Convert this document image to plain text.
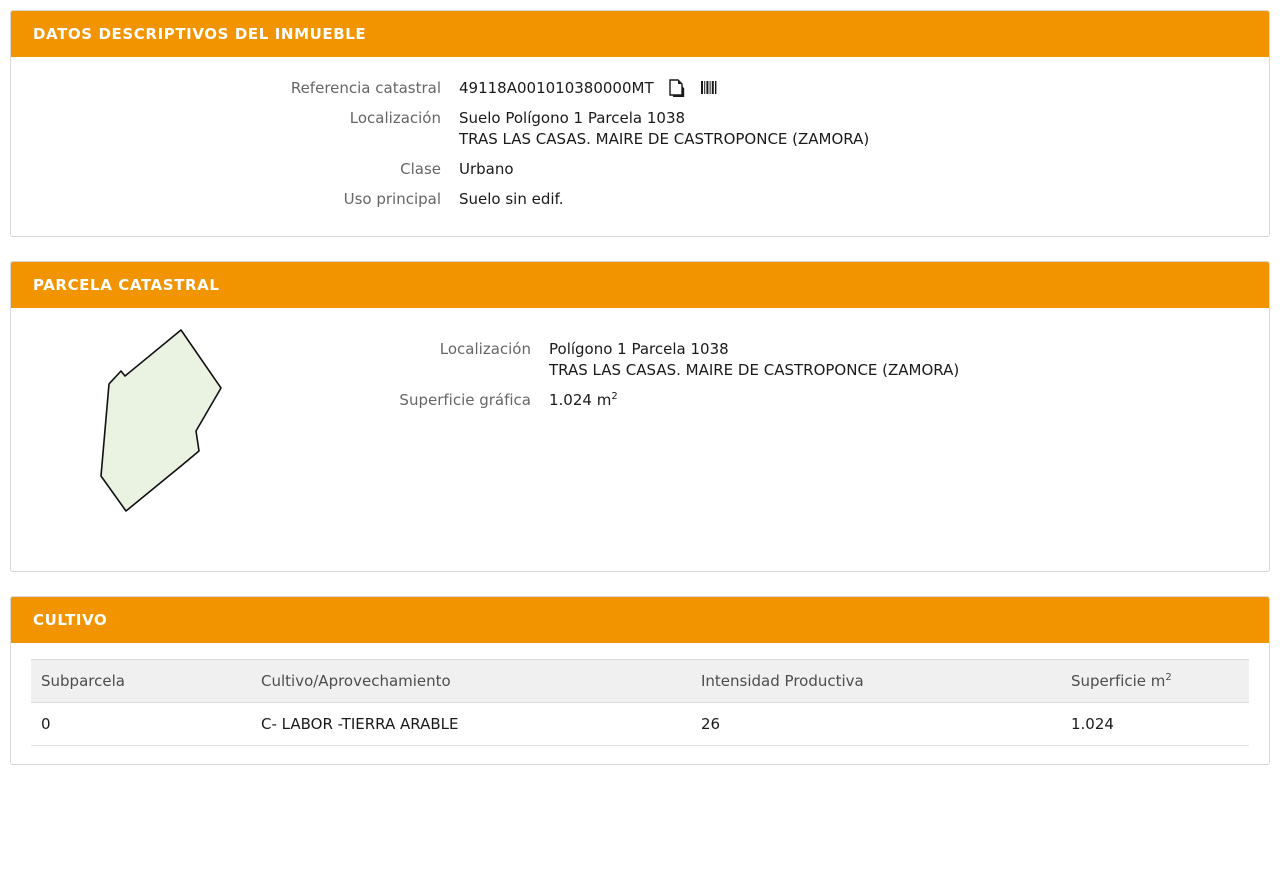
DATOS DESCRIPTIVOS DEL INMUEBLE
Referencia catastral	49118A001010380000MT

Localización	Suelo Polígono 1 Parcela 1038
TRAS LAS CASAS. MAIRE DE CASTROPONCE (ZAMORA)

Clase	Urbano
Uso principal	Suelo sin edif.
PARCELA CATASTRAL
Localización	Polígono 1 Parcela 1038
TRAS LAS CASAS. MAIRE DE CASTROPONCE (ZAMORA)

Superficie gráfica	1.024 $m^2$
CULTIVO
Subparcela	Cultivo/Aprovechamiento	Intensidad Productiva	Superficie $m^2$
0	C- LABOR -TIERRA ARABLE	26	1.024
